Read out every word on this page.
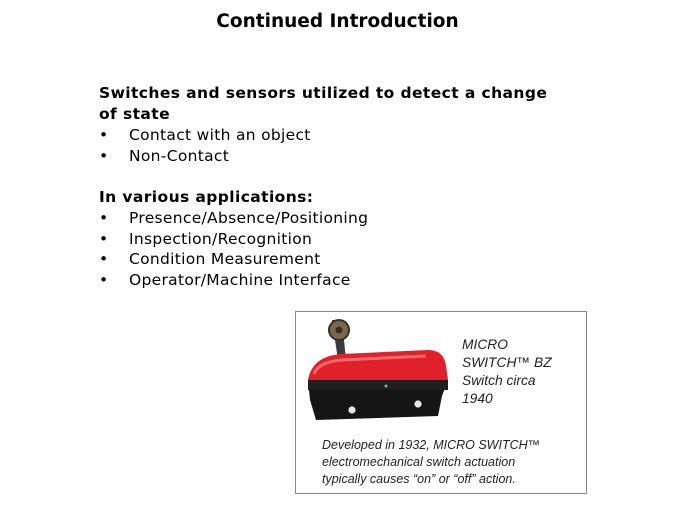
Continued Introduction
Switches and sensors utilized to detect a change
of state
• Contact with an object
• Non-Contact
In various applications:
• Presence/Absence/Positioning
• Inspection/Recognition
• Condition Measurement
• Operator/Machine Interface
MICRO
SWITCH™ BZ
Switch circa
1940
Developed in 1932, MICRO SWITCH™
electromechanical switch actuation
typically causes “on” or “off” action.
